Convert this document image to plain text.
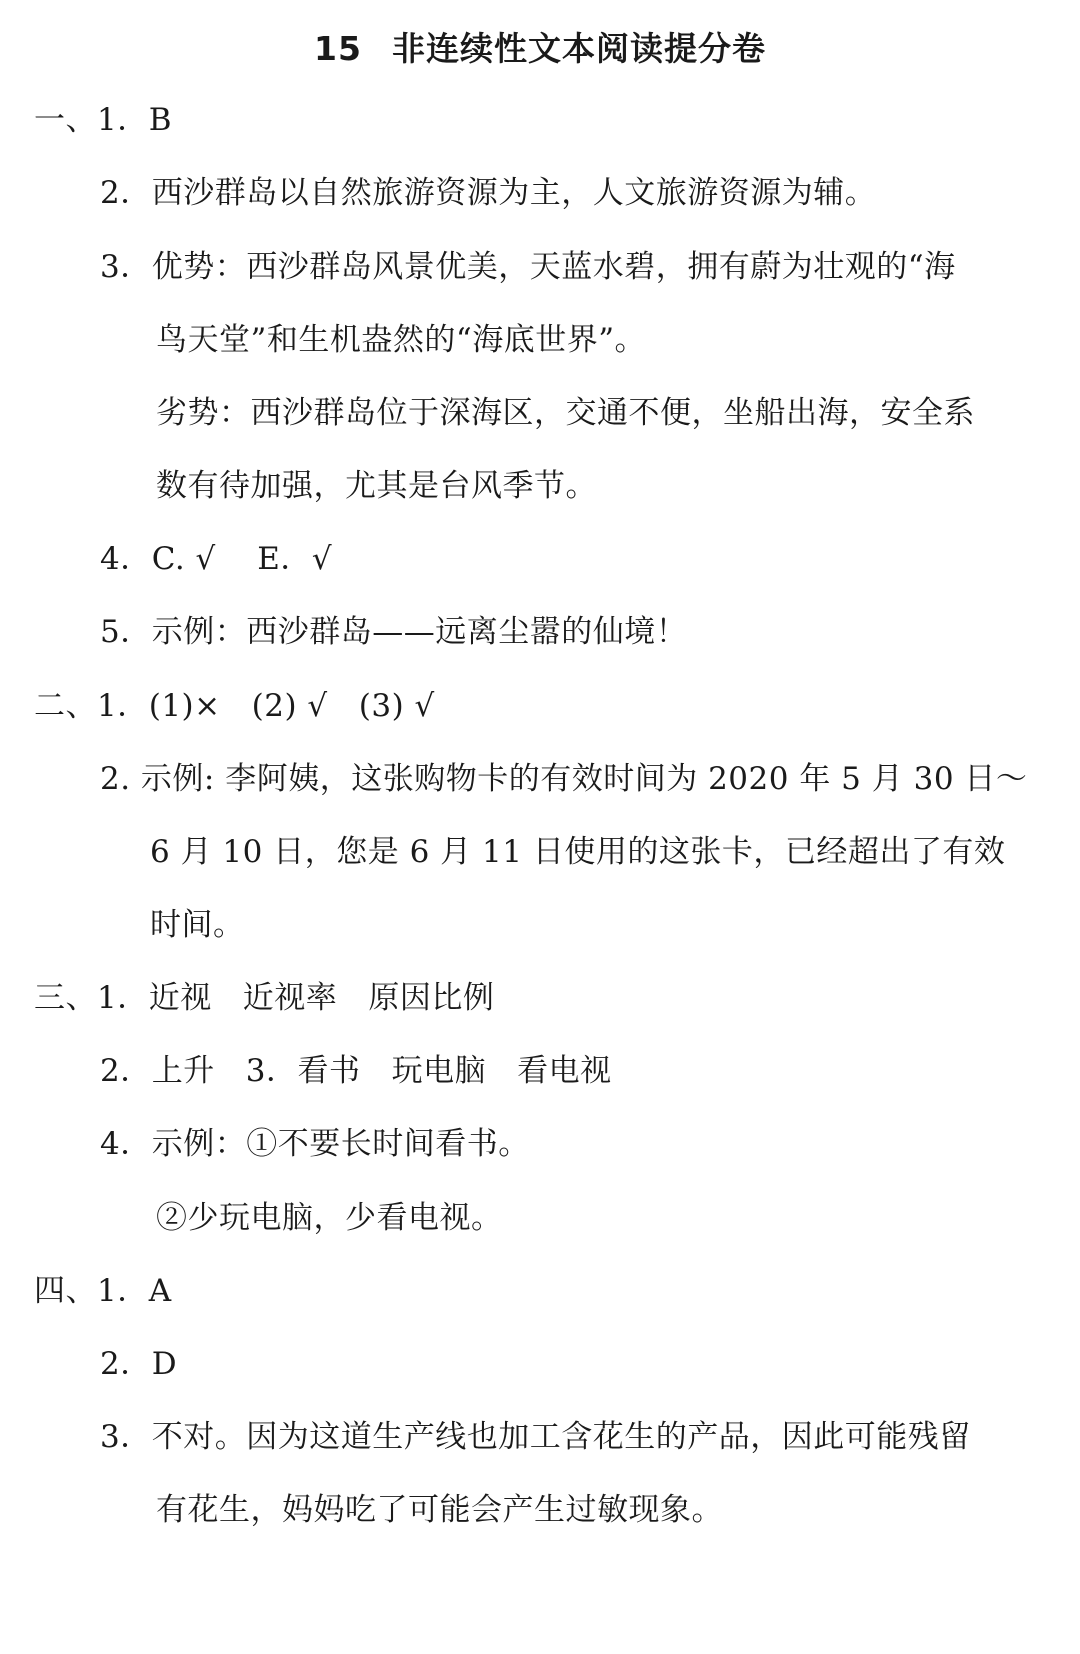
15 非连续性文本阅读提分卷
一、1．B
2．西沙群岛以自然旅游资源为主，人文旅游资源为辅。
3．优势：西沙群岛风景优美，天蓝水碧，拥有蔚为壮观的“海
鸟天堂”和生机盎然的“海底世界”。
劣势：西沙群岛位于深海区，交通不便，坐船出海，安全系
数有待加强，尤其是台风季节。
4．C. √    E．√
5．示例：西沙群岛——远离尘嚣的仙境！
二、1．(1)×   (2) √   (3) √
2. 示例: 李阿姨，这张购物卡的有效时间为 2020 年 5 月 30 日～
6 月 10 日，您是 6 月 11 日使用的这张卡，已经超出了有效
时间。
三、1．近视   近视率   原因比例
2．上升   3．看书   玩电脑   看电视
4．示例：①不要长时间看书。
②少玩电脑，少看电视。
四、1．A
2．D
3．不对。因为这道生产线也加工含花生的产品，因此可能残留
有花生，妈妈吃了可能会产生过敏现象。
